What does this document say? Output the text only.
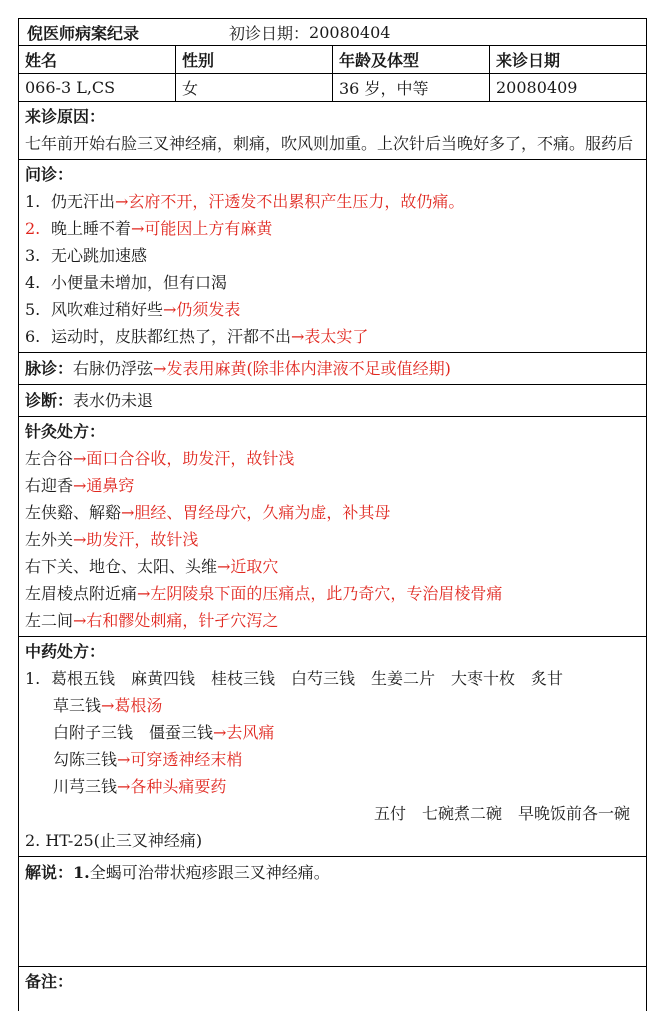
倪医师病案纪录	初诊日期： 20080404
姓名	性别	年龄及体型	来诊日期
066-3 L,CS	女	36 岁，中等	20080409
来诊原因：
七年前开始右脸三叉神经痛，刺痛，吹风则加重。上次针后当晚好多了，不痛。服药后
问诊：
1. 仍无汗出→玄府不开，汗透发不出累积产生压力，故仍痛。
2. 晚上睡不着→可能因上方有麻黄
3. 无心跳加速感
4. 小便量未增加，但有口渴
5. 风吹难过稍好些→仍须发表
6. 运动时，皮肤都红热了，汗都不出→表太实了
脉诊：右脉仍浮弦→发表用麻黄(除非体内津液不足或值经期)
诊断：表水仍未退
针灸处方：
左合谷→面口合谷收，助发汗，故针浅
右迎香→通鼻窍
左侠谿、解谿→胆经、胃经母穴，久痛为虚，补其母
左外关→助发汗，故针浅
右下关、地仓、太阳、头维→近取穴
左眉棱点附近痛→左阴陵泉下面的压痛点，此乃奇穴，专治眉棱骨痛
左二间→右和髎处刺痛，针孑穴泻之
中药处方：
1. 葛根五钱　麻黄四钱　桂枝三钱　白芍三钱　生姜二片　大枣十枚　炙甘
草三钱→葛根汤
白附子三钱　僵蚕三钱→去风痛
勾陈三钱→可穿透神经末梢
川芎三钱→各种头痛要药
五付　七碗煮二碗　早晚饭前各一碗
2. HT-25(止三叉神经痛)
解说：1.全蝎可治带状疱疹跟三叉神经痛。
备注：
